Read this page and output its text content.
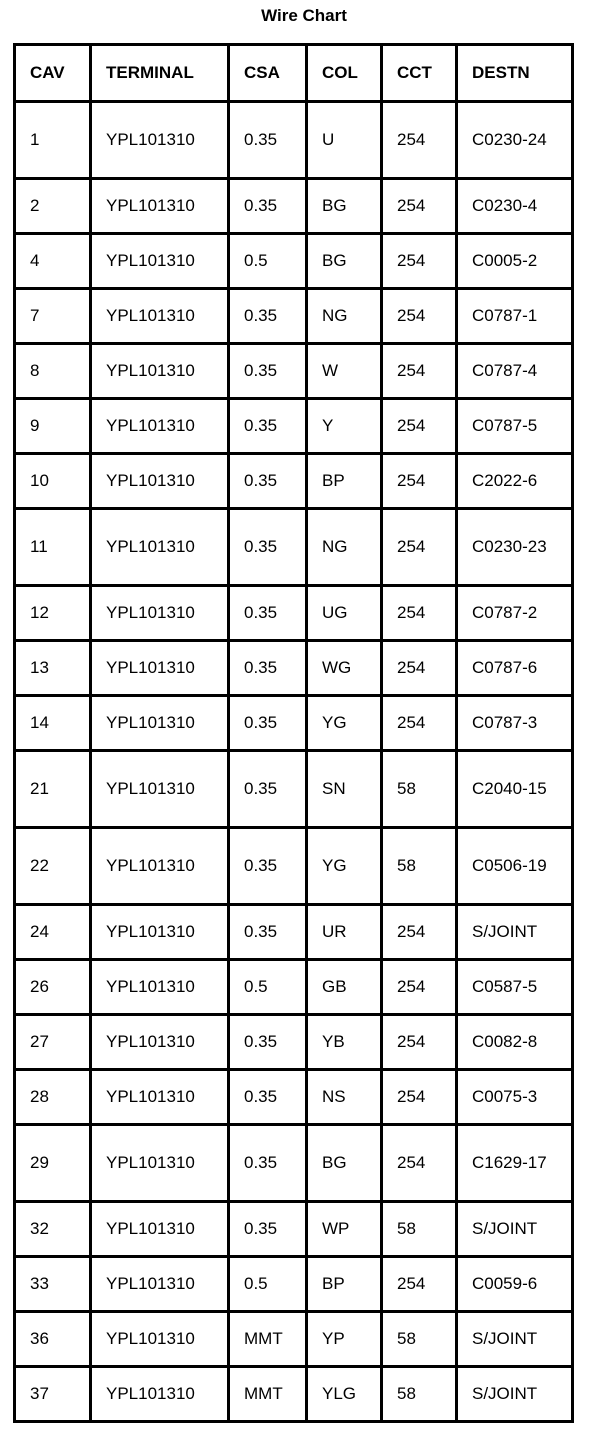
Wire Chart
CAV	TERMINAL	CSA	COL	CCT	DESTN
1	YPL101310	0.35	U	254	C0230-24

2	YPL101310	0.35	BG	254	C0230-4

4	YPL101310	0.5	BG	254	C0005-2

7	YPL101310	0.35	NG	254	C0787-1

8	YPL101310	0.35	W	254	C0787-4

9	YPL101310	0.35	Y	254	C0787-5

10	YPL101310	0.35	BP	254	C2022-6

11	YPL101310	0.35	NG	254	C0230-23

12	YPL101310	0.35	UG	254	C0787-2

13	YPL101310	0.35	WG	254	C0787-6

14	YPL101310	0.35	YG	254	C0787-3

21	YPL101310	0.35	SN	58	C2040-15

22	YPL101310	0.35	YG	58	C0506-19

24	YPL101310	0.35	UR	254	S/JOINT

26	YPL101310	0.5	GB	254	C0587-5

27	YPL101310	0.35	YB	254	C0082-8

28	YPL101310	0.35	NS	254	C0075-3

29	YPL101310	0.35	BG	254	C1629-17

32	YPL101310	0.35	WP	58	S/JOINT

33	YPL101310	0.5	BP	254	C0059-6

36	YPL101310	MMT	YP	58	S/JOINT

37	YPL101310	MMT	YLG	58	S/JOINT
